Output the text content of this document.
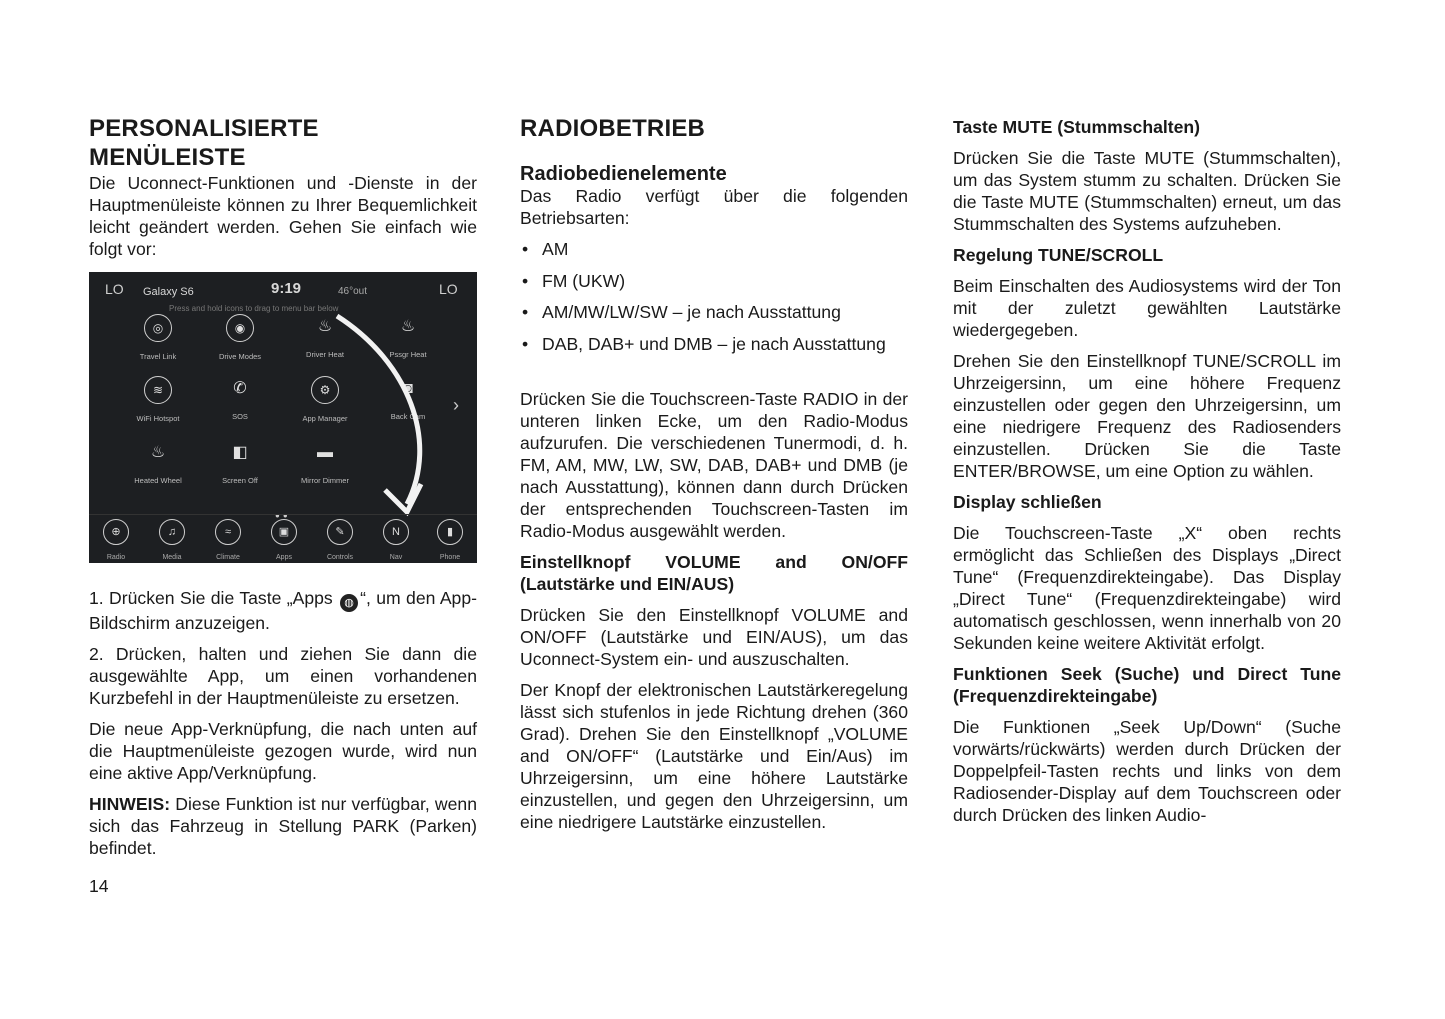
PERSONALISIERTE MENÜLEISTE

Die Uconnect-Funktionen und -Dienste in der Hauptmenüleiste können zu Ihrer Bequemlichkeit leicht geändert werden. Gehen Sie einfach wie folgt vor:

LO Galaxy S6	9:19	46°out	LO
Press and hold icons to drag to menu bar below
◎
Travel Link
◉
Drive Modes
♨
Driver Heat
♨
Pssgr Heat
≋
WiFi Hotspot
✆
SOS
⚙
App Manager
◙
Back Cam
♨
Heated Wheel
◧
Screen Off
▬
Mirror Dimmer
›
●●
⊕
Radio
♫
Media
≈
Climate
▣
Apps
✎
Controls
N
Nav
▮
Phone

1. Drücken Sie die Taste „Apps ◍ “, um den App-Bildschirm anzuzeigen.

2. Drücken, halten und ziehen Sie dann die ausgewählte App, um einen vorhandenen Kurzbefehl in der Hauptmenüleiste zu ersetzen.

Die neue App-Verknüpfung, die nach unten auf die Hauptmenüleiste gezogen wurde, wird nun eine aktive App/Verknüpfung.

HINWEIS: Diese Funktion ist nur verfügbar, wenn sich das Fahrzeug in Stellung PARK (Parken) befindet.

RADIOBETRIEB
Radiobedienelemente

Das Radio verfügt über die folgenden Betriebsarten:

• AM
• FM (UKW)
• AM/MW/LW/SW – je nach Ausstattung
• DAB, DAB+ und DMB – je nach Ausstattung

Drücken Sie die Touchscreen-Taste RADIO in der unteren linken Ecke, um den Radio-Modus aufzurufen. Die verschiedenen Tunermodi, d. h. FM, AM, MW, LW, SW, DAB, DAB+ und DMB (je nach Ausstattung), können dann durch Drücken der entsprechenden Touchscreen-Tasten im Radio-Modus ausgewählt werden.

Einstellknopf VOLUME and ON/OFF (Lautstärke und EIN/AUS)

Drücken Sie den Einstellknopf VOLUME and ON/OFF (Lautstärke und EIN/AUS), um das Uconnect-System ein- und auszuschalten.

Der Knopf der elektronischen Lautstärkeregelung lässt sich stufenlos in jede Richtung drehen (360 Grad). Drehen Sie den Einstellknopf „VOLUME and ON/OFF“ (Lautstärke und Ein/Aus) im Uhrzeigersinn, um eine höhere Lautstärke einzustellen, und gegen den Uhrzeigersinn, um eine niedrigere Lautstärke einzustellen.

Taste MUTE (Stummschalten)

Drücken Sie die Taste MUTE (Stummschalten), um das System stumm zu schalten. Drücken Sie die Taste MUTE (Stummschalten) erneut, um das Stummschalten des Systems aufzuheben.

Regelung TUNE/SCROLL

Beim Einschalten des Audiosystems wird der Ton mit der zuletzt gewählten Lautstärke wiedergegeben.

Drehen Sie den Einstellknopf TUNE/SCROLL im Uhrzeigersinn, um eine höhere Frequenz einzustellen oder gegen den Uhrzeigersinn, um eine niedrigere Frequenz des Radiosenders einzustellen. Drücken Sie die Taste ENTER/BROWSE, um eine Option zu wählen.

Display schließen

Die Touchscreen-Taste „X“ oben rechts ermöglicht das Schließen des Displays „Direct Tune“ (Frequenzdirekteingabe). Das Display „Direct Tune“ (Frequenzdirekteingabe) wird automatisch geschlossen, wenn innerhalb von 20 Sekunden keine weitere Aktivität erfolgt.

Funktionen Seek (Suche) und Direct Tune (Frequenzdirekteingabe)

Die Funktionen „Seek Up/Down“ (Suche vorwärts/rückwärts) werden durch Drücken der Doppelpfeil-Tasten rechts und links von dem Radiosender-Display auf dem Touchscreen oder durch Drücken des linken Audio-

14
